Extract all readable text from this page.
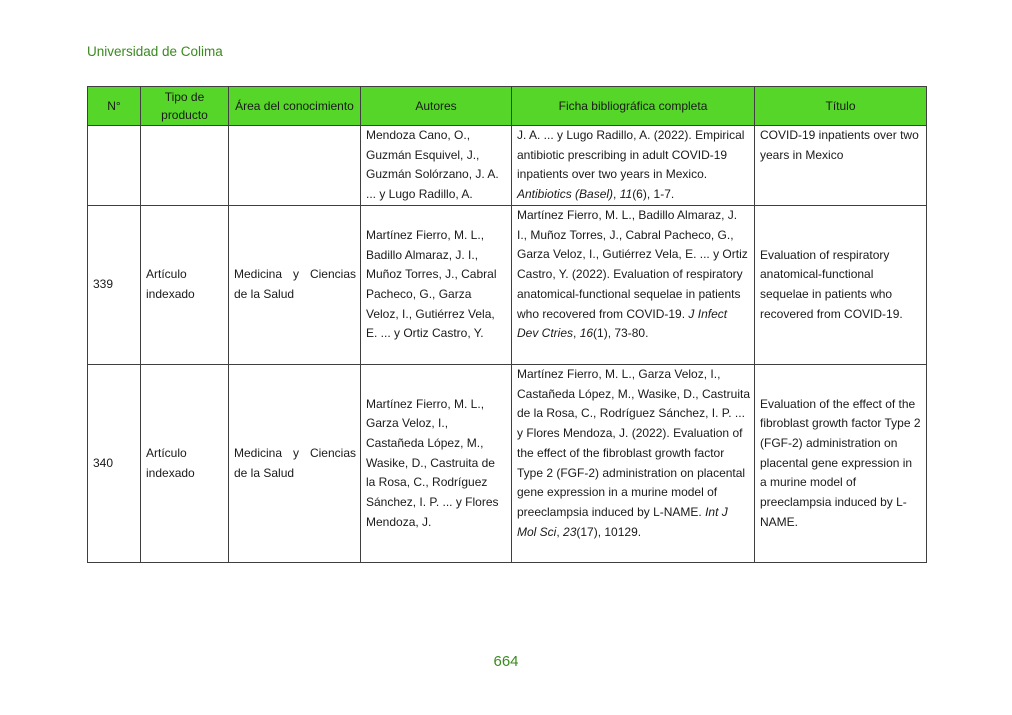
Universidad de Colima
N°	Tipo de producto	Área del conocimiento	Autores	Ficha bibliográfica completa	Título
			Mendoza Cano, O., Guzmán Esquivel, J., Guzmán Solórzano, J. A. ... y Lugo Radillo, A.	J. A. ... y Lugo Radillo, A. (2022). Empirical antibiotic prescribing in adult COVID-19 inpatients over two years in Mexico. Antibiotics (Basel), 11(6), 1-7.	COVID-19 inpatients over two years in Mexico
339	Artículo indexado	Medicina y Ciencias de la Salud	Martínez Fierro, M. L., Badillo Almaraz, J. I., Muñoz Torres, J., Cabral Pacheco, G., Garza Veloz, I., Gutiérrez Vela, E. ... y Ortiz Castro, Y.	Martínez Fierro, M. L., Badillo Almaraz, J. I., Muñoz Torres, J., Cabral Pacheco, G., Garza Veloz, I., Gutiérrez Vela, E. ... y Ortiz Castro, Y. (2022). Evaluation of respiratory anatomical-functional sequelae in patients who recovered from COVID-19. J Infect Dev Ctries, 16(1), 73-80.	Evaluation of respiratory anatomical-functional sequelae in patients who recovered from COVID-19.
340	Artículo indexado	Medicina y Ciencias de la Salud	Martínez Fierro, M. L., Garza Veloz, I., Castañeda López, M., Wasike, D., Castruita de la Rosa, C., Rodríguez Sánchez, I. P. ... y Flores Mendoza, J.	Martínez Fierro, M. L., Garza Veloz, I., Castañeda López, M., Wasike, D., Castruita de la Rosa, C., Rodríguez Sánchez, I. P. ... y Flores Mendoza, J. (2022). Evaluation of the effect of the fibroblast growth factor Type 2 (FGF-2) administration on placental gene expression in a murine model of preeclampsia induced by L-NAME. Int J Mol Sci, 23(17), 10129.	Evaluation of the effect of the fibroblast growth factor Type 2 (FGF-2) administration on placental gene expression in a murine model of preeclampsia induced by L-NAME.
664
